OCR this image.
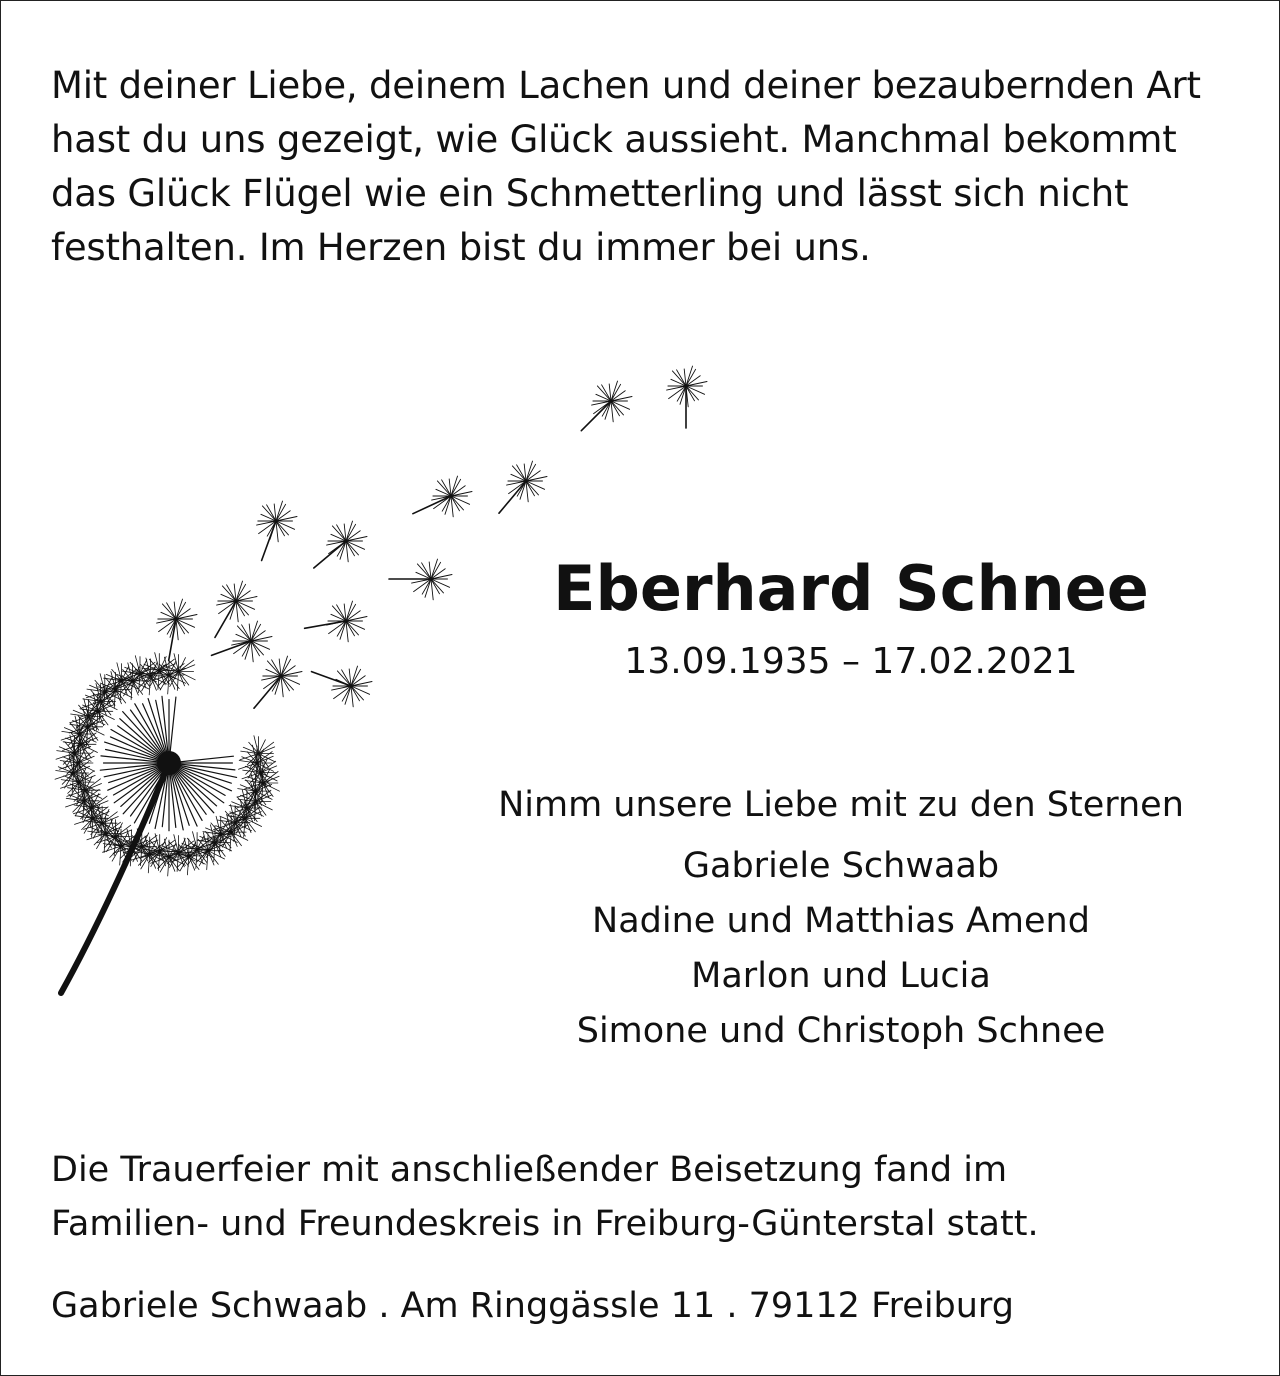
Mit deiner Liebe, deinem Lachen und deiner bezaubernden Art
hast du uns gezeigt, wie Glück aussieht. Manchmal bekommt
das Glück Flügel wie ein Schmetterling und lässt sich nicht
festhalten. Im Herzen bist du immer bei uns.

Eberhard Schnee

13.09.1935 – 17.02.2021

Nimm unsere Liebe mit zu den Sternen

Gabriele Schwaab
Nadine und Matthias Amend
Marlon und Lucia
Simone und Christoph Schnee

Die Trauerfeier mit anschließender Beisetzung fand im
Familien- und Freundeskreis in Freiburg-Günterstal statt.

Gabriele Schwaab . Am Ringgässle 11 . 79112 Freiburg
